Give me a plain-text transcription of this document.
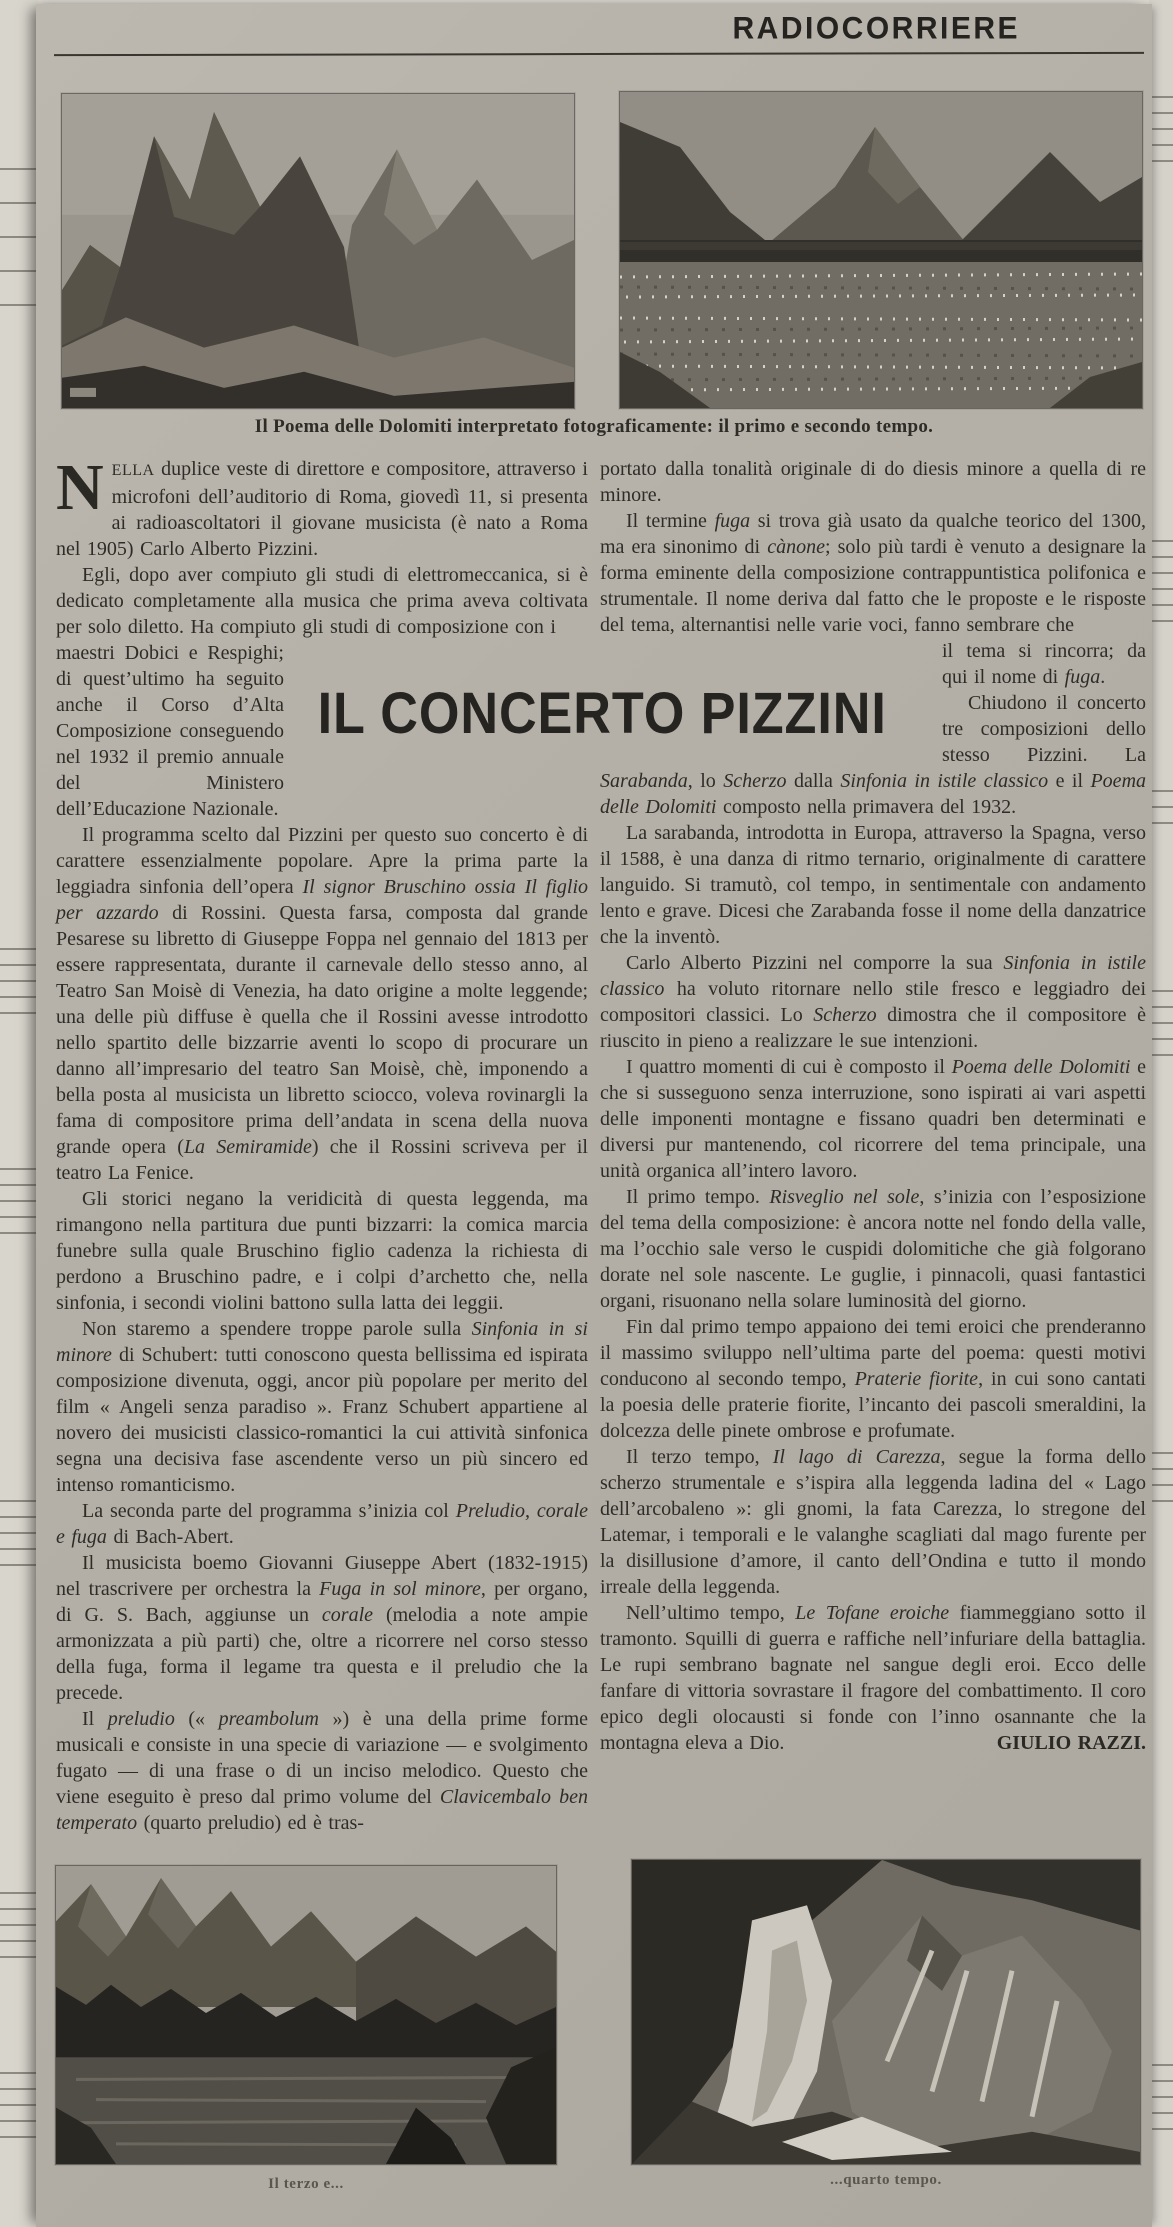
RADIOCORRIERE
Il Poema delle Dolomiti interpretato fotograficamente: il primo e secondo tempo.
IL CONCERTO PIZZINI

NELLA duplice veste di direttore e compositore, attraverso i microfoni dell’auditorio di Roma, giovedì 11, si presenta ai radioascoltatori il giovane musicista (è nato a Roma nel 1905) Carlo Alberto Pizzini.

Egli, dopo aver compiuto gli studi di elettromeccanica, si è dedicato completamente alla musica che prima aveva coltivata per solo diletto. Ha compiuto gli studi di composizione con i

maestri Dobici e Respighi; di quest’ultimo ha seguito anche il Corso d’Alta Composizione conseguendo nel 1932 il premio annuale del Ministero dell’Educazione Nazionale.

Il programma scelto dal Pizzini per questo suo concerto è di carattere essenzialmente popolare. Apre la prima parte la leggiadra sinfonia dell’opera Il signor Bruschino ossia Il figlio per azzardo di Rossini. Questa farsa, composta dal grande Pesarese su libretto di Giuseppe Foppa nel gennaio del 1813 per essere rappresentata, durante il carnevale dello stesso anno, al Teatro San Moisè di Venezia, ha dato origine a molte leggende; una delle più diffuse è quella che il Rossini avesse introdotto nello spartito delle bizzarrie aventi lo scopo di procurare un danno all’impresario del teatro San Moisè, chè, imponendo a bella posta al musicista un libretto sciocco, voleva rovinargli la fama di compositore prima dell’andata in scena della nuova grande opera (La Semiramide) che il Rossini scriveva per il teatro La Fenice.

Gli storici negano la veridicità di questa leggenda, ma rimangono nella partitura due punti bizzarri: la comica marcia funebre sulla quale Bruschino figlio cadenza la richiesta di perdono a Bruschino padre, e i colpi d’archetto che, nella sinfonia, i secondi violini battono sulla latta dei leggii.

Non staremo a spendere troppe parole sulla Sinfonia in si minore di Schubert: tutti conoscono questa bellissima ed ispirata composizione divenuta, oggi, ancor più popolare per merito del film « Angeli senza paradiso ». Franz Schubert appartiene al novero dei musicisti classico-romantici la cui attività sinfonica segna una decisiva fase ascendente verso un più sincero ed intenso romanticismo.

La seconda parte del programma s’inizia col Preludio, corale e fuga di Bach-Abert.

Il musicista boemo Giovanni Giuseppe Abert (1832-1915) nel trascrivere per orchestra la Fuga in sol minore, per organo, di G. S. Bach, aggiunse un corale (melodia a note ampie armonizzata a più parti) che, oltre a ricorrere nel corso stesso della fuga, forma il legame tra questa e il preludio che la precede.

Il preludio (« preambolum ») è una della prime forme musicali e consiste in una specie di variazione — e svolgimento fugato — di una frase o di un inciso melodico. Questo che viene eseguito è preso dal primo volume del Clavicembalo ben temperato (quarto preludio) ed è tras-

portato dalla tonalità originale di do diesis minore a quella di re minore.

Il termine fuga si trova già usato da qualche teorico del 1300, ma era sinonimo di cànone; solo più tardi è venuto a designare la forma eminente della composizione contrappuntistica polifonica e strumentale. Il nome deriva dal fatto che le proposte e le risposte del tema, alternantisi nelle varie voci, fanno sembrare che

il tema si rincorra; da qui il nome di fuga.

Chiudono il concerto tre composizioni dello stesso Pizzini. La Sarabanda, lo Scherzo dalla Sinfonia in istile classico e il Poema delle Dolomiti composto nella primavera del 1932.

La sarabanda, introdotta in Europa, attraverso la Spagna, verso il 1588, è una danza di ritmo ternario, originalmente di carattere languido. Si tramutò, col tempo, in sentimentale con andamento lento e grave. Dicesi che Zarabanda fosse il nome della danzatrice che la inventò.

Carlo Alberto Pizzini nel comporre la sua Sinfonia in istile classico ha voluto ritornare nello stile fresco e leggiadro dei compositori classici. Lo Scherzo dimostra che il compositore è riuscito in pieno a realizzare le sue intenzioni.

I quattro momenti di cui è composto il Poema delle Dolomiti e che si susseguono senza interruzione, sono ispirati ai vari aspetti delle imponenti montagne e fissano quadri ben determinati e diversi pur mantenendo, col ricorrere del tema principale, una unità organica all’intero lavoro.

Il primo tempo. Risveglio nel sole, s’inizia con l’esposizione del tema della composizione: è ancora notte nel fondo della valle, ma l’occhio sale verso le cuspidi dolomitiche che già folgorano dorate nel sole nascente. Le guglie, i pinnacoli, quasi fantastici organi, risuonano nella solare luminosità del giorno.

Fin dal primo tempo appaiono dei temi eroici che prenderanno il massimo sviluppo nell’ultima parte del poema: questi motivi conducono al secondo tempo, Praterie fiorite, in cui sono cantati la poesia delle praterie fiorite, l’incanto dei pascoli smeraldini, la dolcezza delle pinete ombrose e profumate.

Il terzo tempo, Il lago di Carezza, segue la forma dello scherzo strumentale e s’ispira alla leggenda ladina del « Lago dell’arcobaleno »: gli gnomi, la fata Carezza, lo stregone del Latemar, i temporali e le valanghe scagliati dal mago furente per la disillusione d’amore, il canto dell’Ondina e tutto il mondo irreale della leggenda.

Nell’ultimo tempo, Le Tofane eroiche fiammeggiano sotto il tramonto. Squilli di guerra e raffiche nell’infuriare della battaglia. Le rupi sembrano bagnate nel sangue degli eroi. Ecco delle fanfare di vittoria sovrastare il fragore del combattimento. Il coro epico degli olocausti si fonde con l’inno osannante che la montagna eleva a Dio.	GIULIO RAZZI.
Il terzo e...	...quarto tempo.
